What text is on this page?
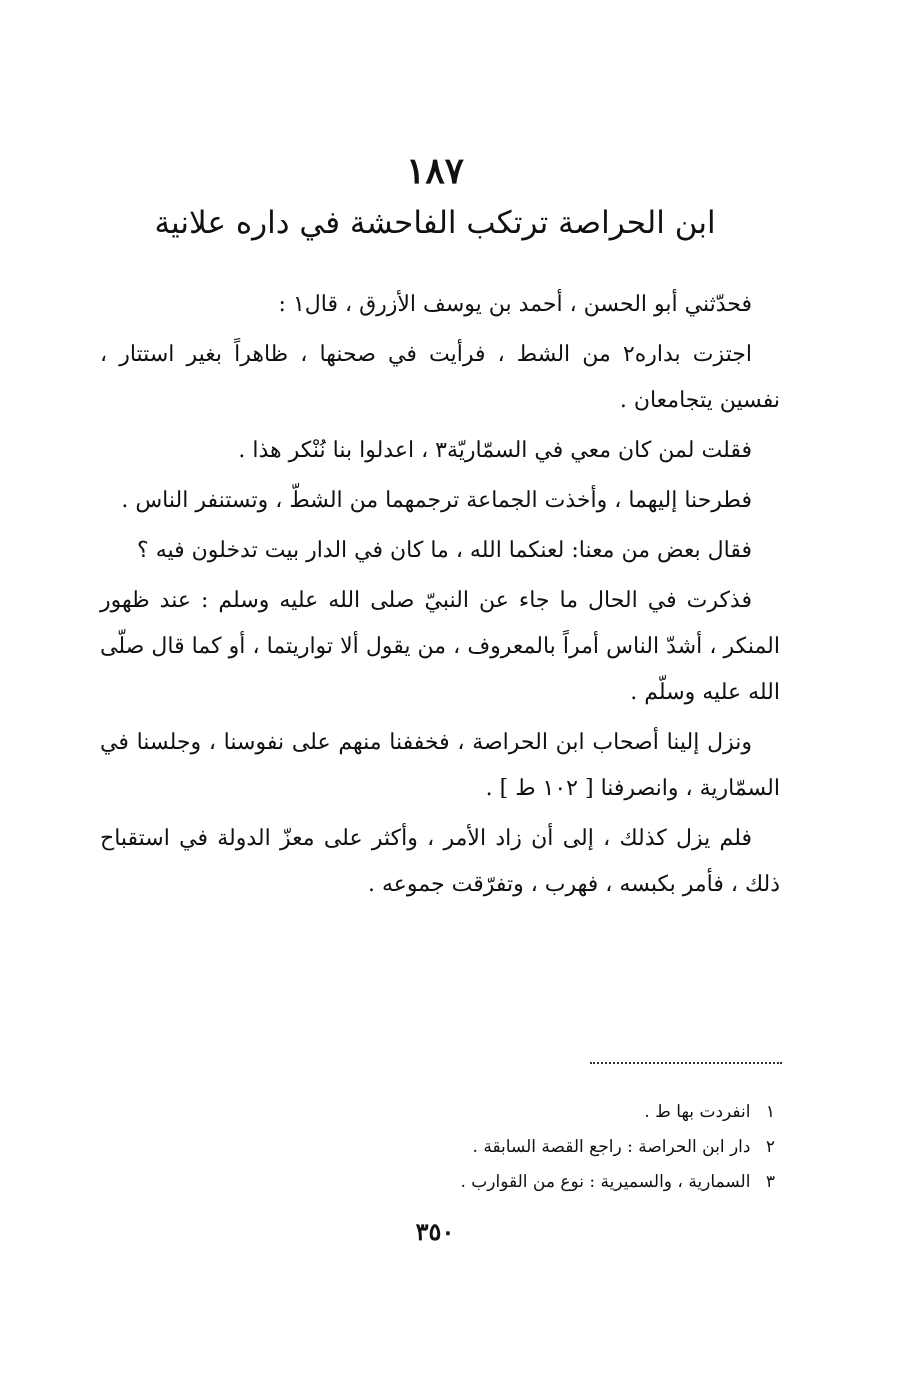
١٨٧
ابن الحراصة ترتكب الفاحشة في داره علانية

فحدّثني أبو الحسن ، أحمد بن يوسف الأزرق ، قال١ :

اجتزت بداره٢ من الشط ، فرأيت في صحنها ، ظاهراً بغير استتار ، نفسين يتجامعان .

فقلت لمن كان معي في السمّاريّة٣ ، اعدلوا بنا نُنْكر هذا .

فطرحنا إليهما ، وأخذت الجماعة ترجمهما من الشطّ ، وتستنفر الناس .

فقال بعض من معنا: لعنكما الله ، ما كان في الدار بيت تدخلون فيه ؟

فذكرت في الحال ما جاء عن النبيّ صلى الله عليه وسلم : عند ظهور المنكر ، أشدّ الناس أمراً بالمعروف ، من يقول ألا تواريتما ، أو كما قال صلّى الله عليه وسلّم .

ونزل إلينا أصحاب ابن الحراصة ، فخففنا منهم على نفوسنا ، وجلسنا في السمّارية ، وانصرفنا [ ١٠٢ ط ] .

فلم يزل كذلك ، إلى أن زاد الأمر ، وأكثر على معزّ الدولة في استقباح ذلك ، فأمر بكبسه ، فهرب ، وتفرّقت جموعه .

١ انفردت بها ط .
٢ دار ابن الحراصة : راجع القصة السابقة .
٣ السمارية ، والسميرية : نوع من القوارب .
٣٥٠
